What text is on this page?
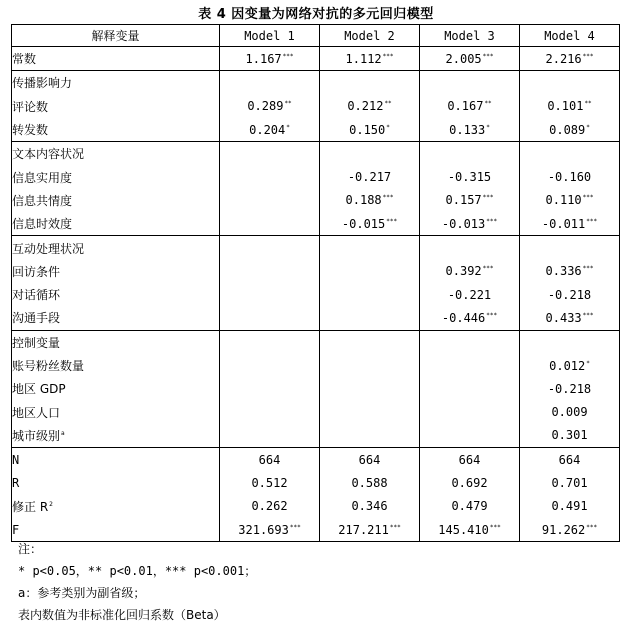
表 4 因变量为网络对抗的多元回归模型
解释变量	Model 1	Model 2	Model 3	Model 4
常数	1.167***	1.112***	2.005***	2.216***
传播影响力				
评论数	0.289**	0.212**	0.167**	0.101**
转发数	0.204*	0.150*	0.133*	0.089*
文本内容状况				
信息实用度		-0.217	-0.315	-0.160
信息共情度		0.188***	0.157***	0.110***
信息时效度		-0.015***	-0.013***	-0.011***
互动处理状况				
回访条件			0.392***	0.336***
对话循环			-0.221	-0.218
沟通手段			-0.446***	0.433***
控制变量				
账号粉丝数量				0.012*
地区 GDP				-0.218
地区人口				0.009
城市级别$^a$				0.301
N	664	664	664	664
R	0.512	0.588	0.692	0.701
修正 $R^2$	0.262	0.346	0.479	0.491
F	321.693***	217.211***	145.410***	91.262***
注：
* p<0.05，** p<0.01，*** p<0.001；
a：参考类别为副省级；
表内数值为非标准化回归系数（Beta）
